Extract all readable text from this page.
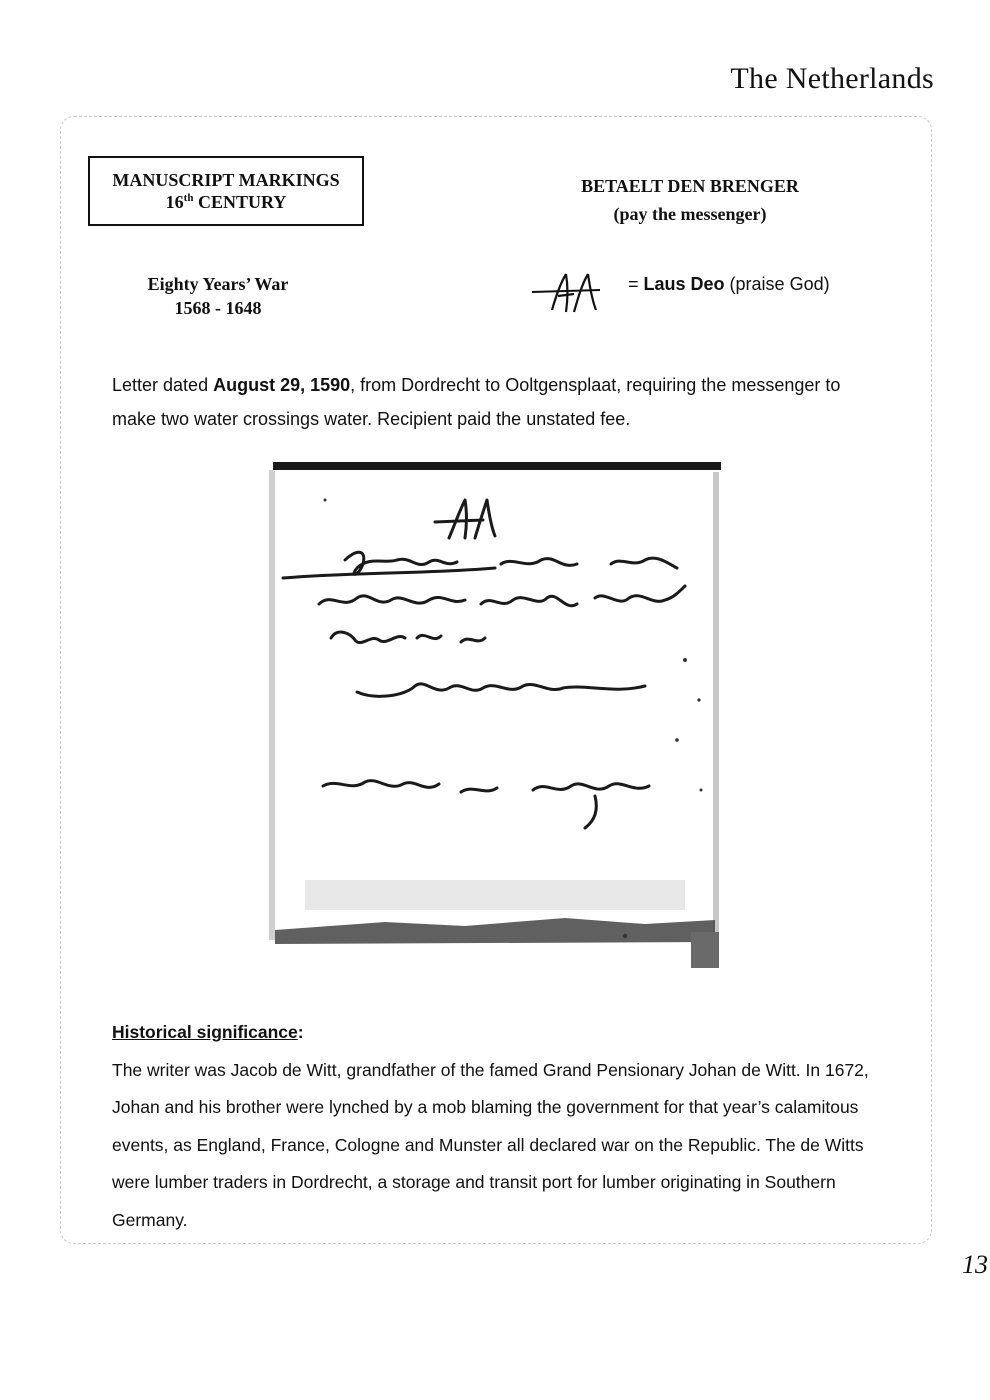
The Netherlands
MANUSCRIPT MARKINGS
16th CENTURY
BETAELT DEN BRENGER
(pay the messenger)
Eighty Years’ War
1568 - 1648
= Laus Deo (praise God)
Letter dated August 29, 1590, from Dordrecht to Ooltgensplaat, requiring the messenger to make two water crossings water. Recipient paid the unstated fee.
Historical significance:
The writer was Jacob de Witt, grandfather of the famed Grand Pensionary Johan de Witt. In 1672, Johan and his brother were lynched by a mob blaming the government for that year’s calamitous events, as England, France, Cologne and Munster all declared war on the Republic. The de Witts were lumber traders in Dordrecht, a storage and transit port for lumber originating in Southern Germany.
13
